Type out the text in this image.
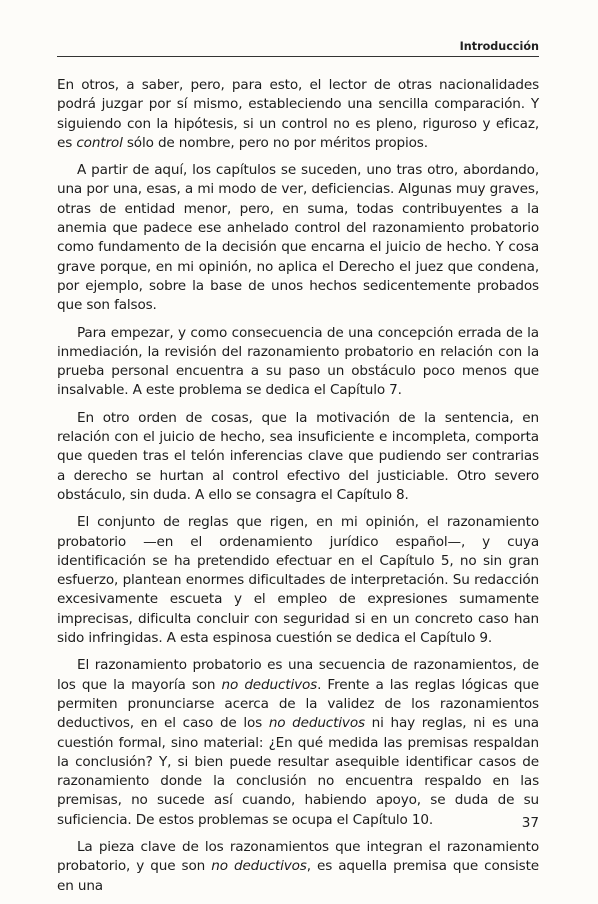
Introducción

En otros, a saber, pero, para esto, el lector de otras nacionalidades podrá juzgar por sí mismo, estableciendo una sencilla comparación. Y siguiendo con la hipótesis, si un control no es pleno, riguroso y eficaz, es control sólo de nombre, pero no por méritos propios.

A partir de aquí, los capítulos se suceden, uno tras otro, abordando, una por una, esas, a mi modo de ver, deficiencias. Algunas muy graves, otras de entidad menor, pero, en suma, todas contribuyentes a la anemia que padece ese anhelado control del razonamiento probatorio como fundamento de la decisión que encarna el juicio de hecho. Y cosa grave porque, en mi opinión, no aplica el Derecho el juez que condena, por ejemplo, sobre la base de unos hechos sedicentemente probados que son falsos.

Para empezar, y como consecuencia de una concepción errada de la inmediación, la revisión del razonamiento probatorio en relación con la prueba personal encuentra a su paso un obstáculo poco menos que insalvable. A este problema se dedica el Capítulo 7.

En otro orden de cosas, que la motivación de la sentencia, en relación con el juicio de hecho, sea insuficiente e incompleta, comporta que queden tras el telón inferencias clave que pudiendo ser contrarias a derecho se hurtan al control efectivo del justiciable. Otro severo obstáculo, sin duda. A ello se consagra el Capítulo 8.

El conjunto de reglas que rigen, en mi opinión, el razonamiento probatorio —en el ordenamiento jurídico español—, y cuya identificación se ha pretendido efectuar en el Capítulo 5, no sin gran esfuerzo, plantean enormes dificultades de interpretación. Su redacción excesivamente escueta y el empleo de expresiones sumamente imprecisas, dificulta concluir con seguridad si en un concreto caso han sido infringidas. A esta espinosa cuestión se dedica el Capítulo 9.

El razonamiento probatorio es una secuencia de razonamientos, de los que la mayoría son no deductivos. Frente a las reglas lógicas que permiten pronunciarse acerca de la validez de los razonamientos deductivos, en el caso de los no deductivos ni hay reglas, ni es una cuestión formal, sino material: ¿En qué medida las premisas respaldan la conclusión? Y, si bien puede resultar asequible identificar casos de razonamiento donde la conclusión no encuentra respaldo en las premisas, no sucede así cuando, habiendo apoyo, se duda de su suficiencia. De estos problemas se ocupa el Capítulo 10.

La pieza clave de los razonamientos que integran el razonamiento probatorio, y que son no deductivos, es aquella premisa que consiste en una

37
